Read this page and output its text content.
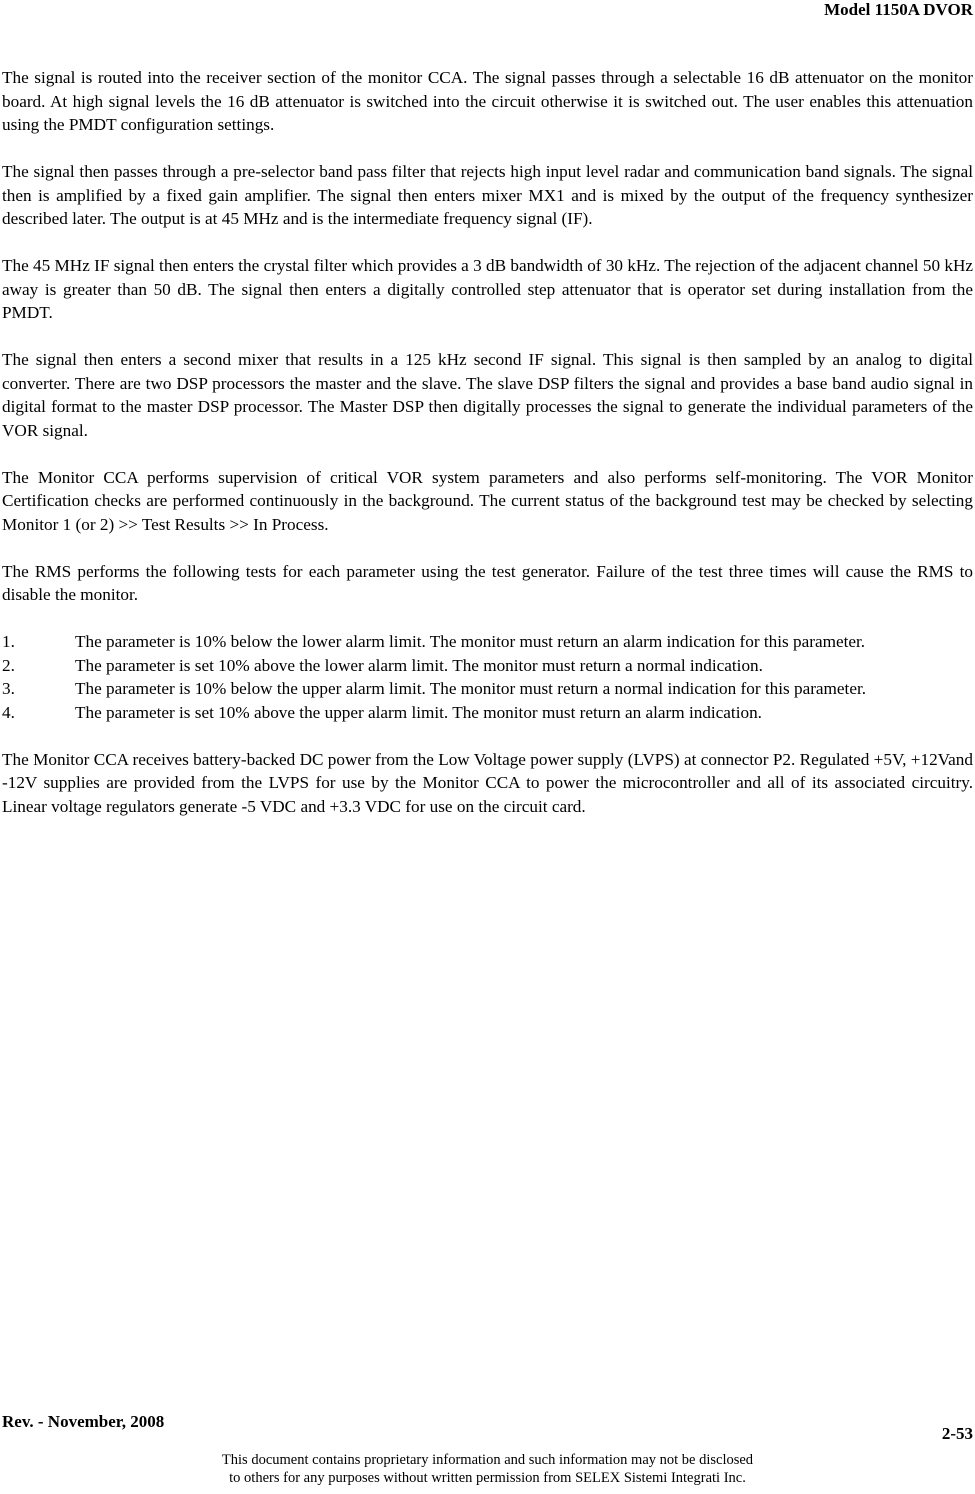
Model 1150A DVOR

The signal is routed into the receiver section of the monitor CCA. The signal passes through a selectable 16 dB attenuator on the monitor board. At high signal levels the 16 dB attenuator is switched into the circuit otherwise it is switched out. The user enables this attenuation using the PMDT configuration settings.

The signal then passes through a pre-selector band pass filter that rejects high input level radar and communication band signals. The signal then is amplified by a fixed gain amplifier. The signal then enters mixer MX1 and is mixed by the output of the frequency synthesizer described later. The output is at 45 MHz and is the intermediate frequency signal (IF).

The 45 MHz IF signal then enters the crystal filter which provides a 3 dB bandwidth of 30 kHz. The rejection of the adjacent channel 50 kHz away is greater than 50 dB. The signal then enters a digitally controlled step attenuator that is operator set during installation from the PMDT.

The signal then enters a second mixer that results in a 125 kHz second IF signal. This signal is then sampled by an analog to digital converter. There are two DSP processors the master and the slave. The slave DSP filters the signal and provides a base band audio signal in digital format to the master DSP processor. The Master DSP then digitally processes the signal to generate the individual parameters of the VOR signal.

The Monitor CCA performs supervision of critical VOR system parameters and also performs self-monitoring. The VOR Monitor Certification checks are performed continuously in the background. The current status of the background test may be checked by selecting Monitor 1 (or 2) >> Test Results >> In Process.

The RMS performs the following tests for each parameter using the test generator. Failure of the test three times will cause the RMS to disable the monitor.

1.	The parameter is 10% below the lower alarm limit. The monitor must return an alarm indication for this parameter.
2.	The parameter is set 10% above the lower alarm limit. The monitor must return a normal indication.
3.	The parameter is 10% below the upper alarm limit. The monitor must return a normal indication for this parameter.
4.	The parameter is set 10% above the upper alarm limit. The monitor must return an alarm indication.

The Monitor CCA receives battery-backed DC power from the Low Voltage power supply (LVPS) at connector P2. Regulated +5V, +12Vand -12V supplies are provided from the LVPS for use by the Monitor CCA to power the microcontroller and all of its associated circuitry. Linear voltage regulators generate -5 VDC and +3.3 VDC for use on the circuit card.

Rev. - November, 2008
2-53
This document contains proprietary information and such information may not be disclosed
to others for any purposes without written permission from SELEX Sistemi Integrati Inc.
